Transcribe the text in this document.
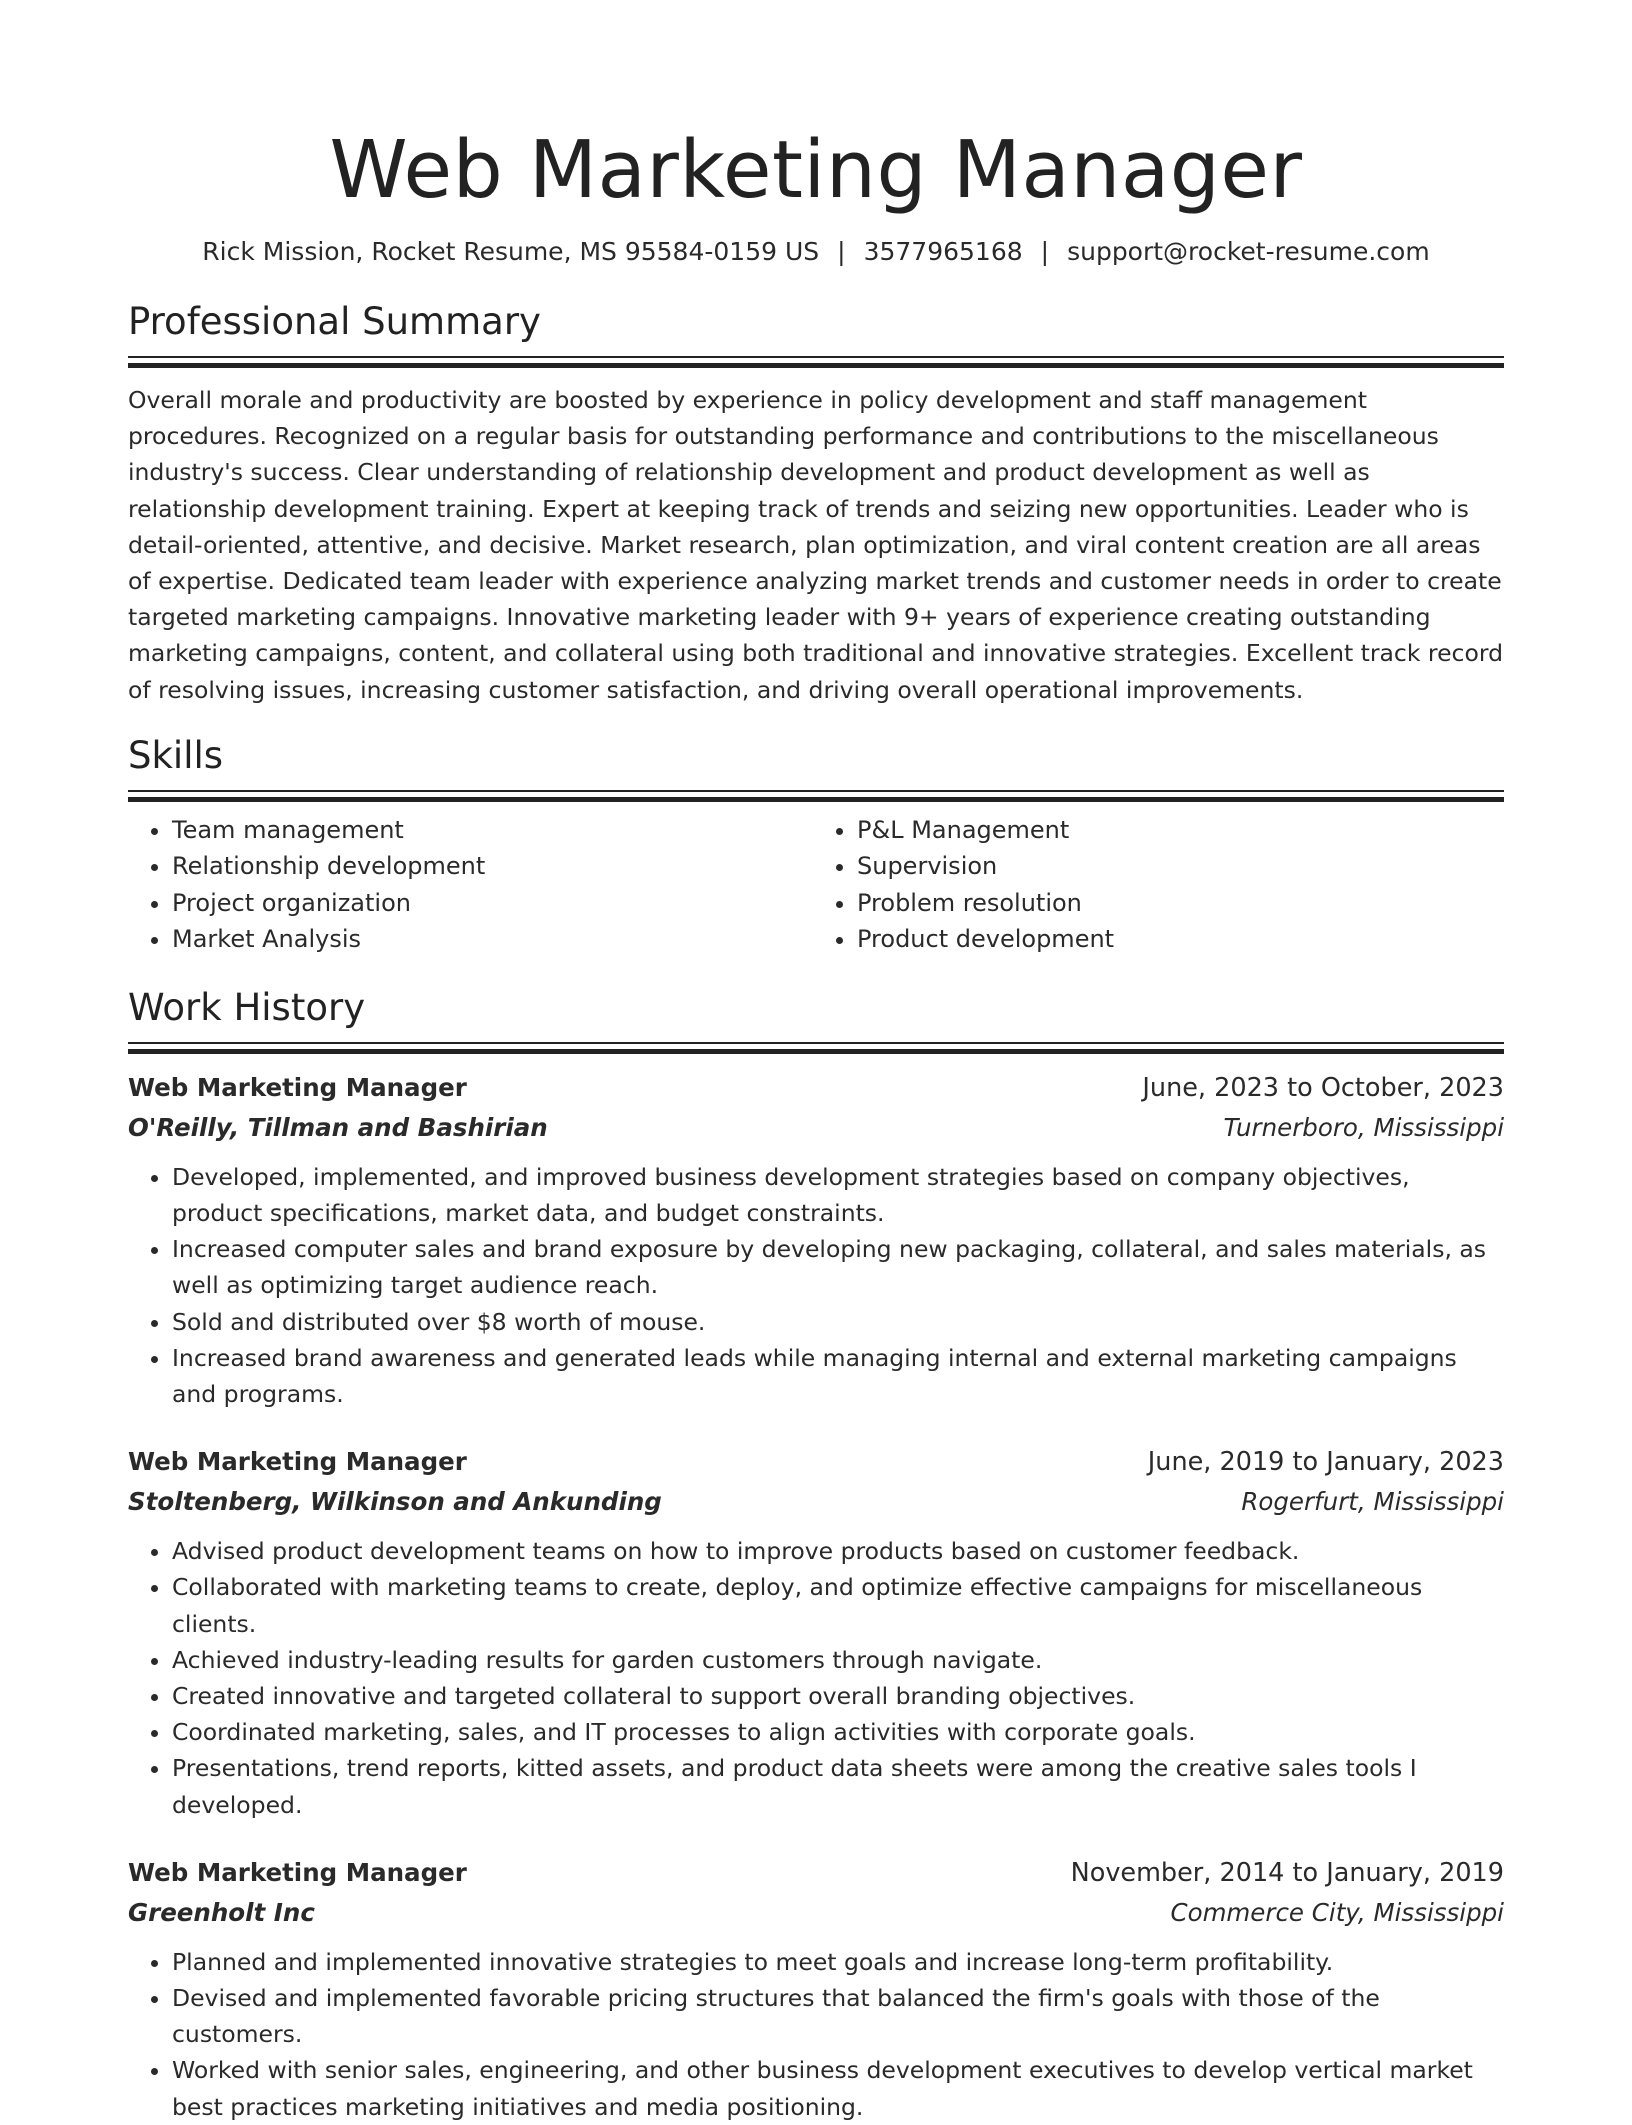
Web Marketing Manager
Rick Mission, Rocket Resume, MS 95584-0159 US | 3577965168 | support@rocket-resume.com
Professional Summary

Overall morale and productivity are boosted by experience in policy development and staff management procedures. Recognized on a regular basis for outstanding performance and contributions to the miscellaneous industry's success. Clear understanding of relationship development and product development as well as relationship development training. Expert at keeping track of trends and seizing new opportunities. Leader who is detail-oriented, attentive, and decisive. Market research, plan optimization, and viral content creation are all areas of expertise. Dedicated team leader with experience analyzing market trends and customer needs in order to create targeted marketing campaigns. Innovative marketing leader with 9+ years of experience creating outstanding marketing campaigns, content, and collateral using both traditional and innovative strategies. Excellent track record of resolving issues, increasing customer satisfaction, and driving overall operational improvements.

Skills
• Team management
• Relationship development
• Project organization
• Market Analysis
• P&L Management
• Supervision
• Problem resolution
• Product development
Work History
Web Marketing Manager	June, 2023 to October, 2023
O'Reilly, Tillman and Bashirian	Turnerboro, Mississippi
• Developed, implemented, and improved business development strategies based on company objectives, product specifications, market data, and budget constraints.
• Increased computer sales and brand exposure by developing new packaging, collateral, and sales materials, as well as optimizing target audience reach.
• Sold and distributed over $8 worth of mouse.
• Increased brand awareness and generated leads while managing internal and external marketing campaigns and programs.
Web Marketing Manager	June, 2019 to January, 2023
Stoltenberg, Wilkinson and Ankunding	Rogerfurt, Mississippi
• Advised product development teams on how to improve products based on customer feedback.
• Collaborated with marketing teams to create, deploy, and optimize effective campaigns for miscellaneous clients.
• Achieved industry-leading results for garden customers through navigate.
• Created innovative and targeted collateral to support overall branding objectives.
• Coordinated marketing, sales, and IT processes to align activities with corporate goals.
• Presentations, trend reports, kitted assets, and product data sheets were among the creative sales tools I developed.
Web Marketing Manager	November, 2014 to January, 2019
Greenholt Inc	Commerce City, Mississippi
• Planned and implemented innovative strategies to meet goals and increase long-term profitability.
• Devised and implemented favorable pricing structures that balanced the firm's goals with those of the customers.
• Worked with senior sales, engineering, and other business development executives to develop vertical market best practices marketing initiatives and media positioning.
